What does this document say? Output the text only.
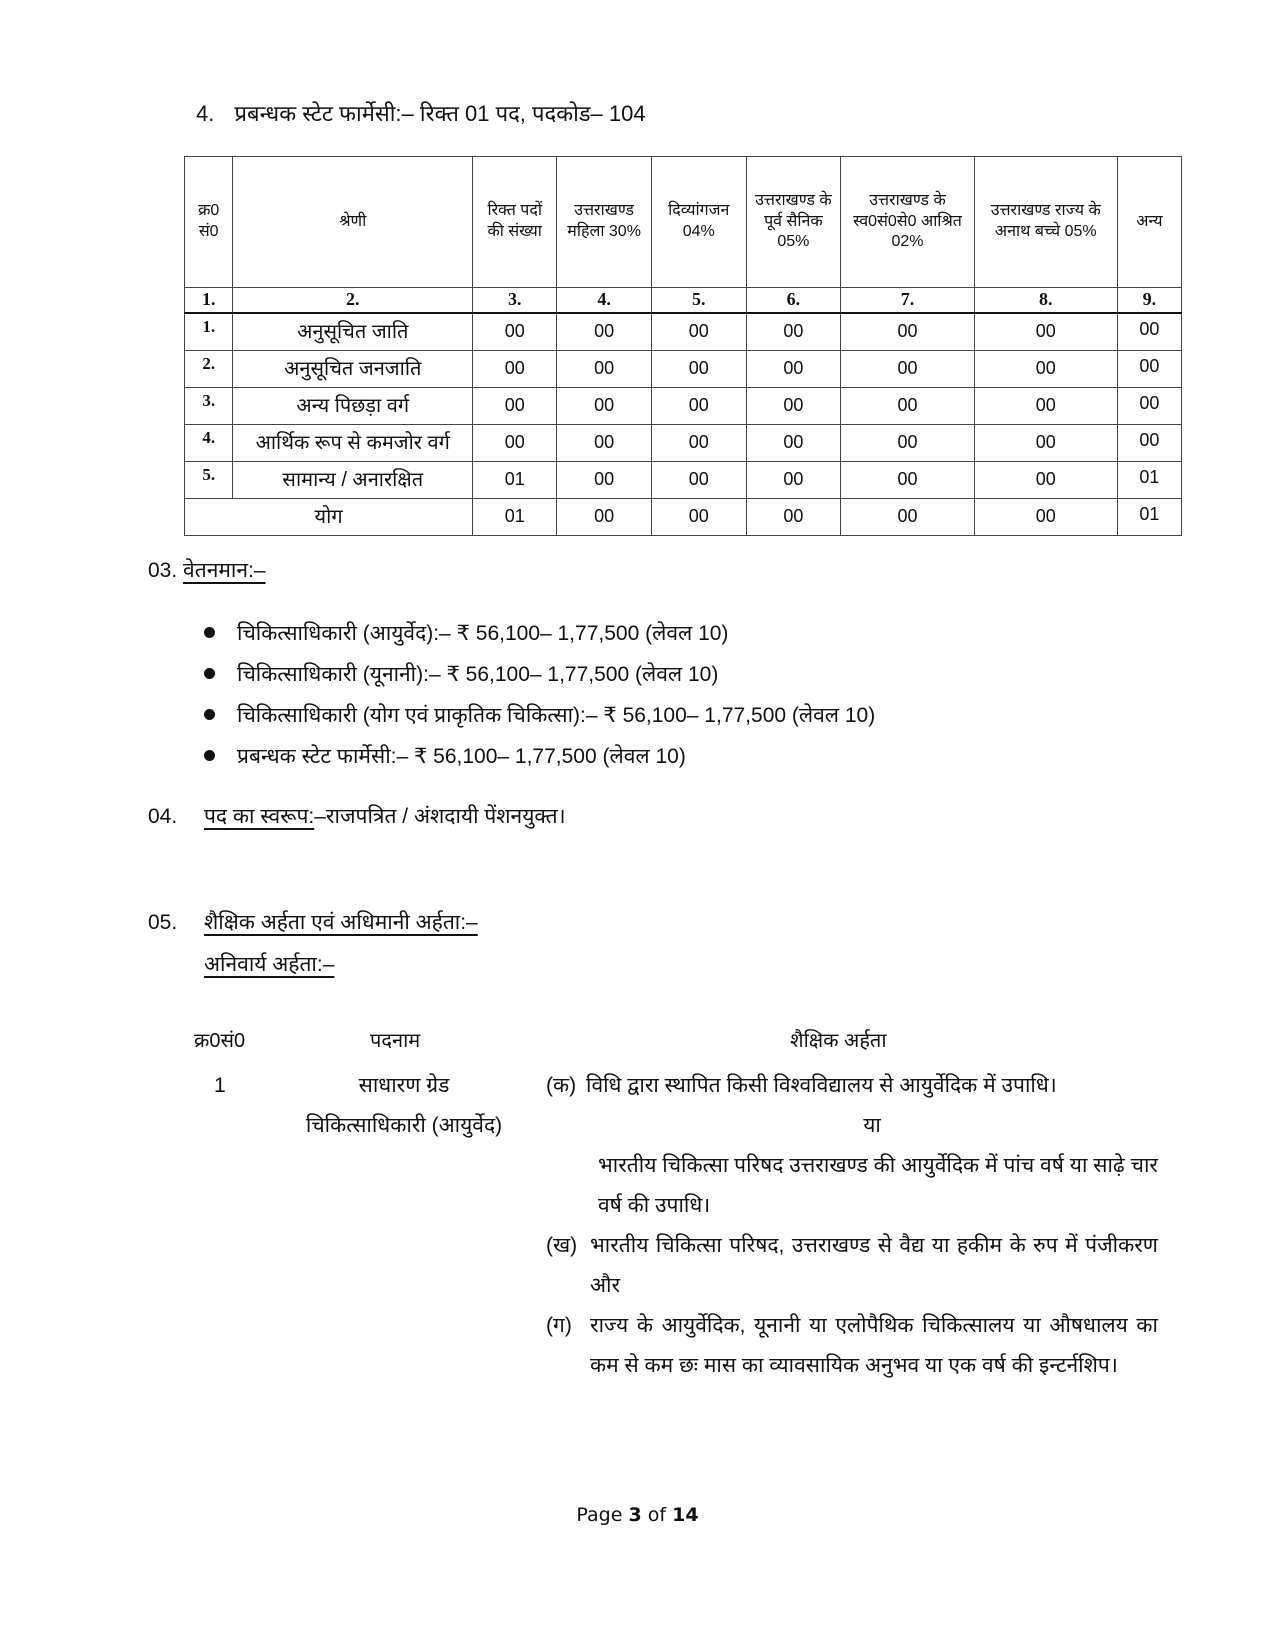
4. प्रबन्धक स्टेट फार्मेसी:– रिक्त 01 पद, पदकोड– 104
क्र0 सं0	श्रेणी	रिक्त पदों की संख्या	उत्तराखण्ड महिला 30%	दिव्यांगजन 04%	उत्तराखण्ड के पूर्व सैनिक 05%	उत्तराखण्ड के स्व0सं0से0 आश्रित 02%	उत्तराखण्ड राज्य के अनाथ बच्चे 05%	अन्य
1.	2.	3.	4.	5.	6.	7.	8.	9.
1.	अनुसूचित जाति	00	00	00	00	00	00	00
2.	अनुसूचित जनजाति	00	00	00	00	00	00	00
3.	अन्य पिछड़ा वर्ग	00	00	00	00	00	00	00
4.	आर्थिक रूप से कमजोर वर्ग	00	00	00	00	00	00	00
5.	सामान्य / अनारक्षित	01	00	00	00	00	00	01
योग		01	00	00	00	00	00	01
03. वेतनमान:–
चिकित्साधिकारी (आयुर्वेद):– ₹ 56,100– 1,77,500 (लेवल 10)
चिकित्साधिकारी (यूनानी):– ₹ 56,100– 1,77,500 (लेवल 10)
चिकित्साधिकारी (योग एवं प्राकृतिक चिकित्सा):– ₹ 56,100– 1,77,500 (लेवल 10)
प्रबन्धक स्टेट फार्मेसी:– ₹ 56,100– 1,77,500 (लेवल 10)
04. पद का स्वरूप:–राजपत्रित / अंशदायी पेंशनयुक्त।
05. शैक्षिक अर्हता एवं अधिमानी अर्हता:–
अनिवार्य अर्हता:–
क्र0सं0	पदनाम	शैक्षिक अर्हता
1	साधारण ग्रेड
चिकित्साधिकारी (आयुर्वेद)
(क) विधि द्वारा स्थापित किसी विश्वविद्यालय से आयुर्वेदिक में उपाधि।
या
भारतीय चिकित्सा परिषद उत्तराखण्ड की आयुर्वेदिक में पांच वर्ष या साढ़े चार वर्ष की उपाधि।
(ख) भारतीय चिकित्सा परिषद, उत्तराखण्ड से वैद्य या हकीम के रुप में पंजीकरण और
(ग) राज्य के आयुर्वेदिक, यूनानी या एलोपैथिक चिकित्सालय या औषधालय का कम से कम छः मास का व्यावसायिक अनुभव या एक वर्ष की इन्टर्नशिप।
Page 3 of 14
